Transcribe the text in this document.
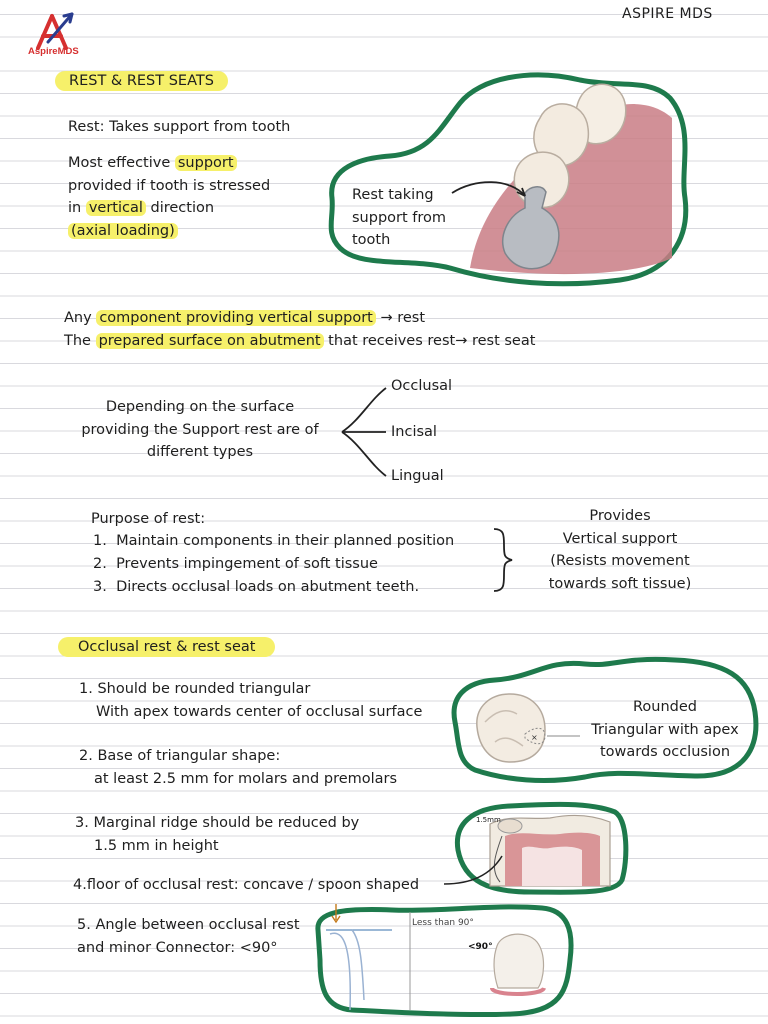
AspireMDS
ASPIRE MDS
REST & REST SEATS
Rest: Takes support from tooth
Most effective support
provided if tooth is stressed
in vertical direction
(axial loading)
Rest taking
support from
tooth
Any component providing vertical support → rest
The prepared surface on abutment that receives rest→ rest seat
Depending on the surface
providing the Support rest are of
different types
Occlusal
Incisal
Lingual
Purpose of rest:
1. Maintain components in their planned position
2. Prevents impingement of soft tissue
3. Directs occlusal loads on abutment teeth.
Provides
Vertical support
(Resists movement
towards soft tissue)
Occlusal rest & rest seat
1. Should be rounded triangular
With apex towards center of occlusal surface
×
Rounded
Triangular with apex
towards occlusion
2. Base of triangular shape:
at least 2.5 mm for molars and premolars
3. Marginal ridge should be reduced by
1.5 mm in height
1.5mm
4.floor of occlusal rest: concave / spoon shaped
5. Angle between occlusal rest
and minor Connector: <90°
Less than 90°
<90°
